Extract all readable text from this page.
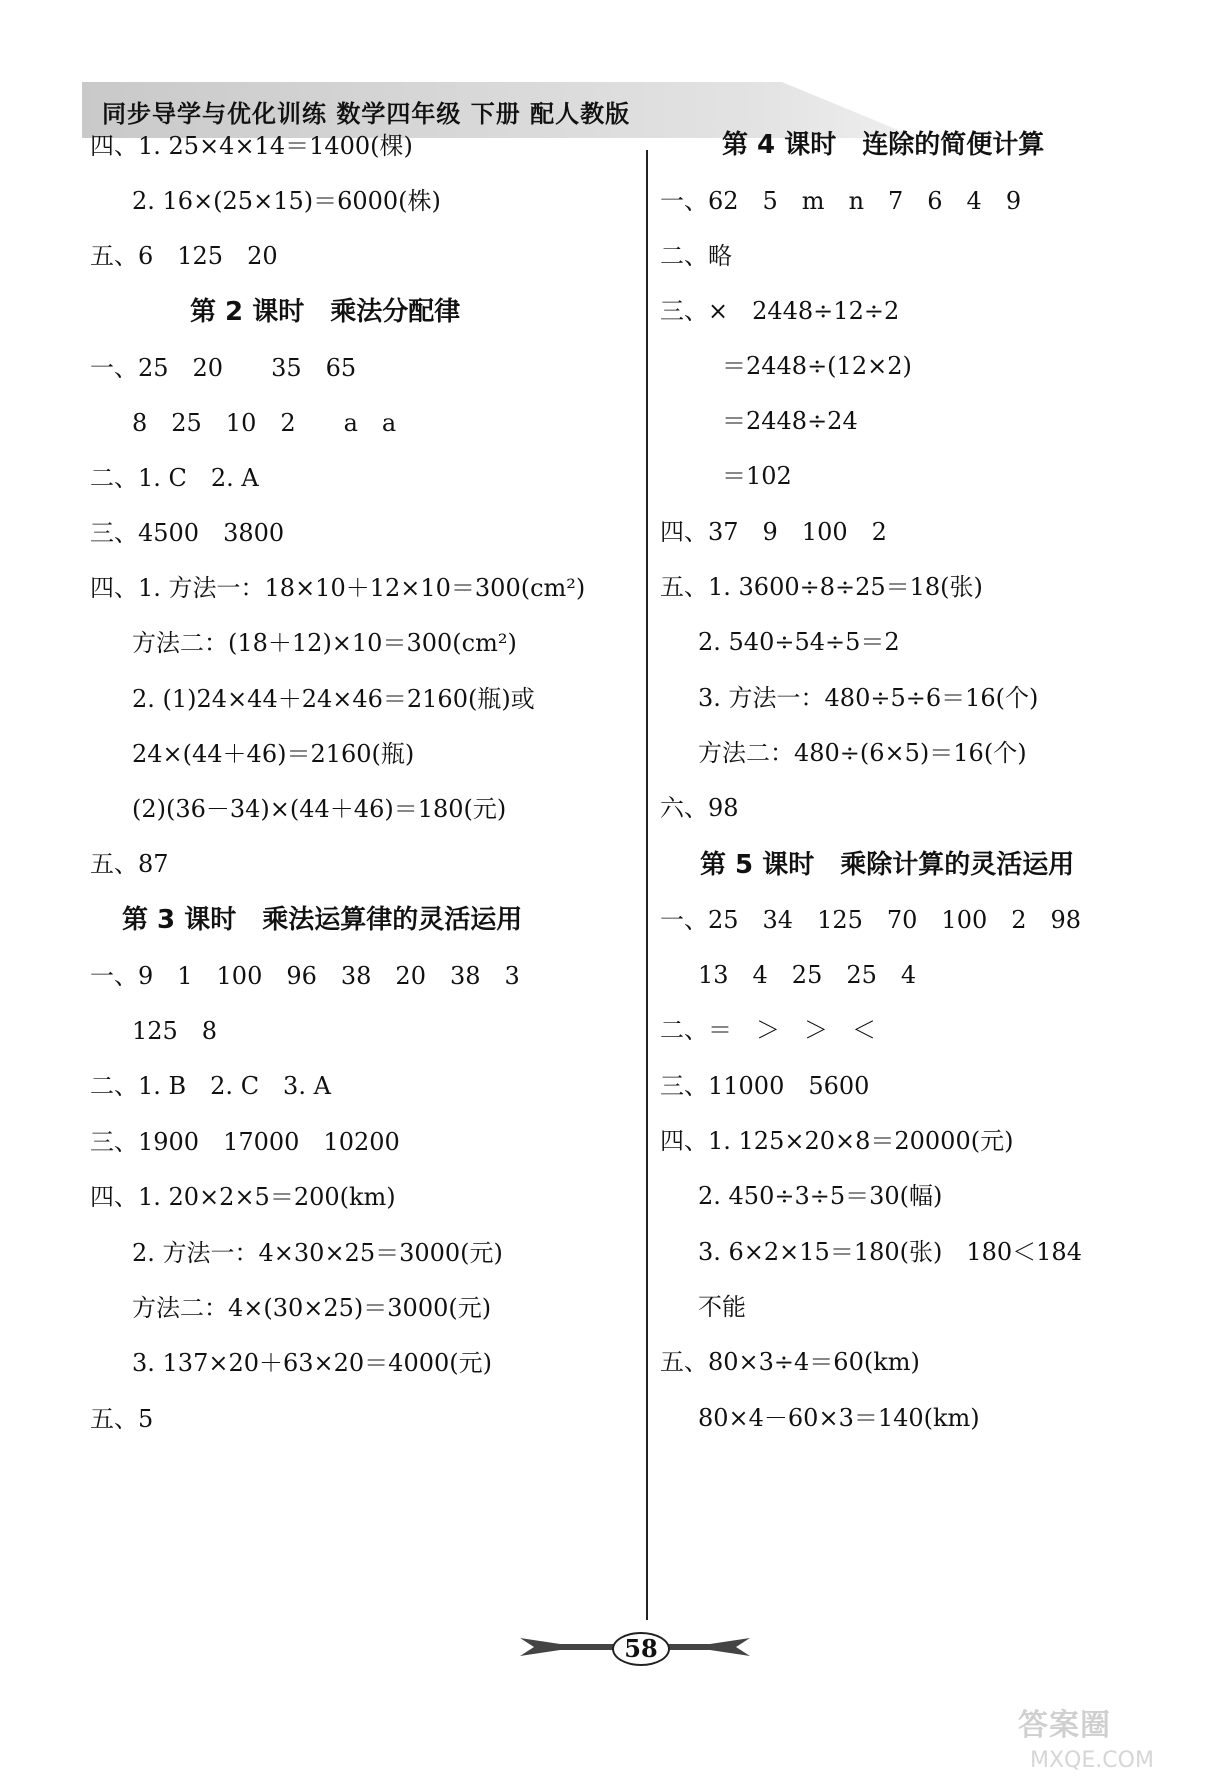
同步导学与优化训练 数学四年级 下册 配人教版
四、1. 25×4×14＝1400(棵)
2. 16×(25×15)＝6000(株)
五、6　125　20
第 2 课时　乘法分配律
一、25　20　　35　65
8　25　10　2　　a　a
二、1. C　2. A
三、4500　3800
四、1. 方法一：18×10＋12×10＝300(cm²)
方法二：(18＋12)×10＝300(cm²)
2. (1)24×44＋24×46＝2160(瓶)或
24×(44＋46)＝2160(瓶)
(2)(36－34)×(44＋46)＝180(元)
五、87
第 3 课时　乘法运算律的灵活运用
一、9　1　100　96　38　20　38　3
125　8
二、1. B　2. C　3. A
三、1900　17000　10200
四、1. 20×2×5＝200(km)
2. 方法一：4×30×25＝3000(元)
方法二：4×(30×25)＝3000(元)
3. 137×20＋63×20＝4000(元)
五、5
第 4 课时　连除的简便计算
一、62　5　m　n　7　6　4　9
二、略
三、×　2448÷12÷2
＝2448÷(12×2)
＝2448÷24
＝102
四、37　9　100　2
五、1. 3600÷8÷25＝18(张)
2. 540÷54÷5＝2
3. 方法一：480÷5÷6＝16(个)
方法二：480÷(6×5)＝16(个)
六、98
第 5 课时　乘除计算的灵活运用
一、25　34　125　70　100　2　98
13　4　25　25　4
二、＝　＞　＞　＜
三、11000　5600
四、1. 125×20×8＝20000(元)
2. 450÷3÷5＝30(幅)
3. 6×2×15＝180(张)　180＜184
不能
五、80×3÷4＝60(km)
80×4－60×3＝140(km)
58
答案圈
MXQE.COM
